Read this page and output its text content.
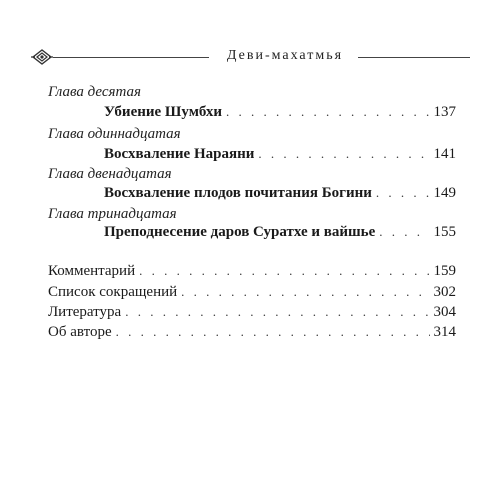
Деви-махатмья
Глава десятая
Убиение Шумбхи . . .	137
Глава одиннадцатая
Восхваление Нараяни . . .	141
Глава двенадцатая
Восхваление плодов почитания Богини . . .	149
Глава тринадцатая
Преподнесение даров Суратхе и вайшье . . .	155
Комментарий . . .	159
Список сокращений . . .	302
Литература . . .	304
Об авторе . . .	314
